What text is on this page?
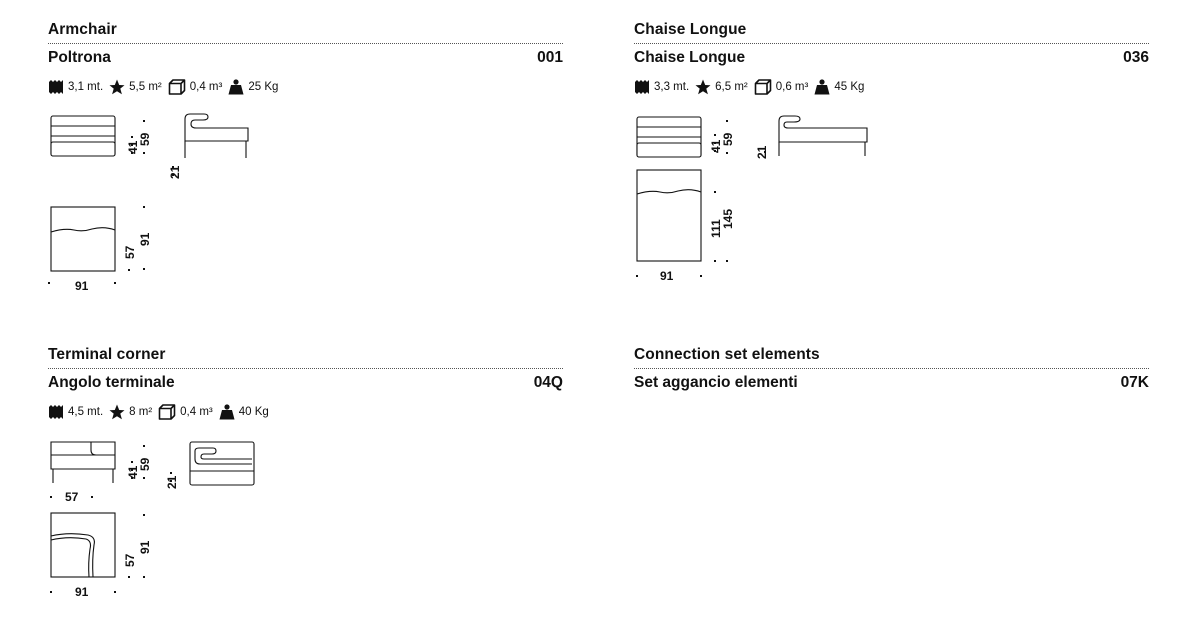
Armchair
Poltrona	001
3,1 mt. 5,5 m² 0,4 m³ 25 Kg
41
59
21
57
91
91
Chaise Longue
Chaise Longue	036
3,3 mt. 6,5 m² 0,6 m³ 45 Kg
41
59
21
111
145
91
Terminal corner
Angolo terminale	04Q
4,5 mt. 8 m² 0,4 m³ 40 Kg
41
59
21
57
91
57
91
Connection set elements
Set aggancio elementi	07K
